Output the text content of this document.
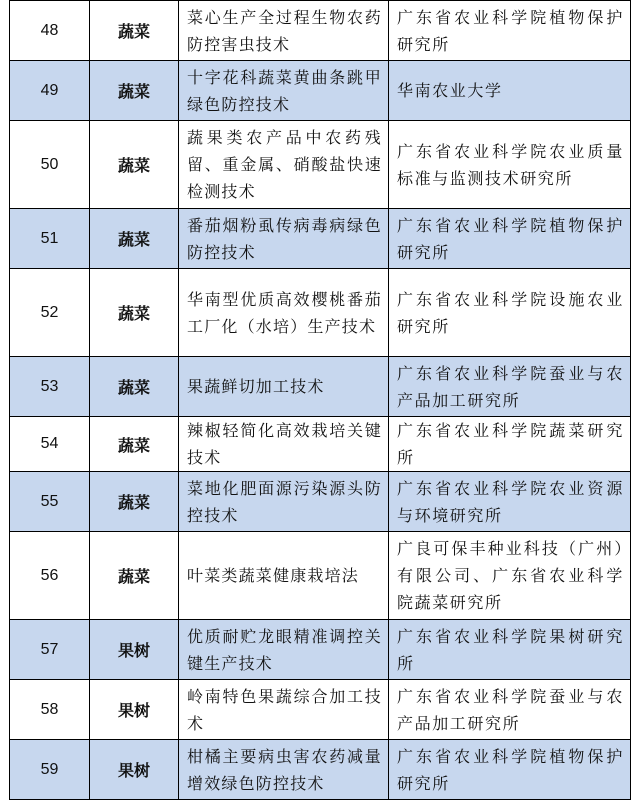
48	蔬菜	菜心生产全过程生物农药防控害虫技术	广东省农业科学院植物保护研究所
49	蔬菜	十字花科蔬菜黄曲条跳甲绿色防控技术	华南农业大学
50	蔬菜	蔬果类农产品中农药残留、重金属、硝酸盐快速检测技术	广东省农业科学院农业质量标准与监测技术研究所
51	蔬菜	番茄烟粉虱传病毒病绿色防控技术	广东省农业科学院植物保护研究所
52	蔬菜	华南型优质高效樱桃番茄工厂化（水培）生产技术	广东省农业科学院设施农业研究所
53	蔬菜	果蔬鲜切加工技术	广东省农业科学院蚕业与农产品加工研究所
54	蔬菜	辣椒轻简化高效栽培关键技术	广东省农业科学院蔬菜研究所
55	蔬菜	菜地化肥面源污染源头防控技术	广东省农业科学院农业资源与环境研究所
56	蔬菜	叶菜类蔬菜健康栽培法	广良可保丰种业科技（广州）有限公司、广东省农业科学院蔬菜研究所
57	果树	优质耐贮龙眼精准调控关键生产技术	广东省农业科学院果树研究所
58	果树	岭南特色果蔬综合加工技术	广东省农业科学院蚕业与农产品加工研究所
59	果树	柑橘主要病虫害农药减量增效绿色防控技术	广东省农业科学院植物保护研究所
